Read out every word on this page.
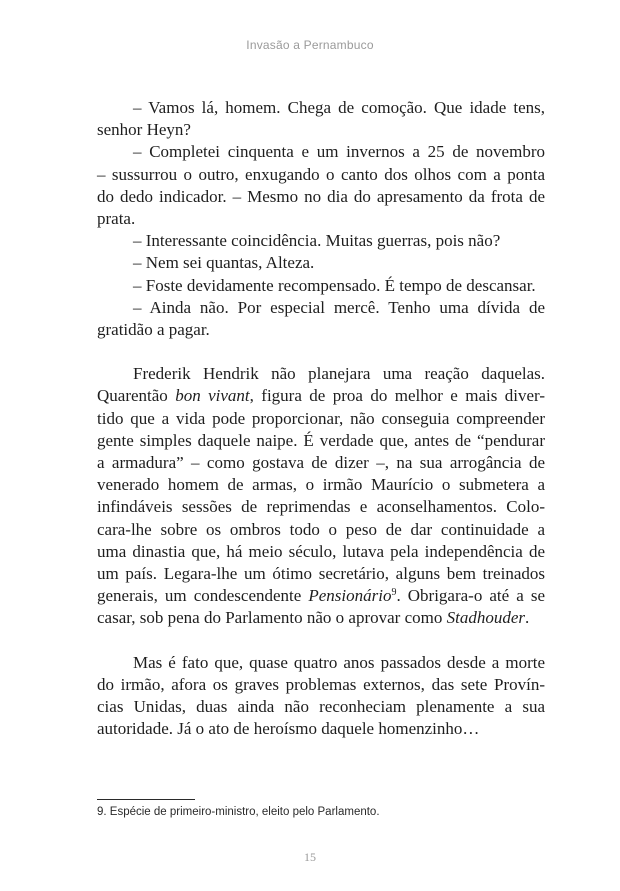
Invasão a Pernambuco
– Vamos lá, homem. Chega de comoção. Que idade tens,
senhor Heyn?
– Completei cinquenta e um invernos a 25 de novembro
– sussurrou o outro, enxugando o canto dos olhos com a ponta
do dedo indicador. – Mesmo no dia do apresamento da frota de
prata.
– Interessante coincidência. Muitas guerras, pois não?
– Nem sei quantas, Alteza.
– Foste devidamente recompensado. É tempo de descansar.
– Ainda não. Por especial mercê. Tenho uma dívida de
gratidão a pagar.
Frederik Hendrik não planejara uma reação daquelas.
Quarentão bon vivant, figura de proa do melhor e mais diver-
tido que a vida pode proporcionar, não conseguia compreender
gente simples daquele naipe. É verdade que, antes de “pendurar
a armadura” – como gostava de dizer –, na sua arrogância de
venerado homem de armas, o irmão Maurício o submetera a
infindáveis sessões de reprimendas e aconselhamentos. Colo-
cara-lhe sobre os ombros todo o peso de dar continuidade a
uma dinastia que, há meio século, lutava pela independência de
um país. Legara-lhe um ótimo secretário, alguns bem treinados
generais, um condescendente Pensionário$^9$. Obrigara-o até a se
casar, sob pena do Parlamento não o aprovar como Stadhouder.
Mas é fato que, quase quatro anos passados desde a morte
do irmão, afora os graves problemas externos, das sete Provín-
cias Unidas, duas ainda não reconheciam plenamente a sua
autoridade. Já o ato de heroísmo daquele homenzinho…
9. Espécie de primeiro-ministro, eleito pelo Parlamento.
15
